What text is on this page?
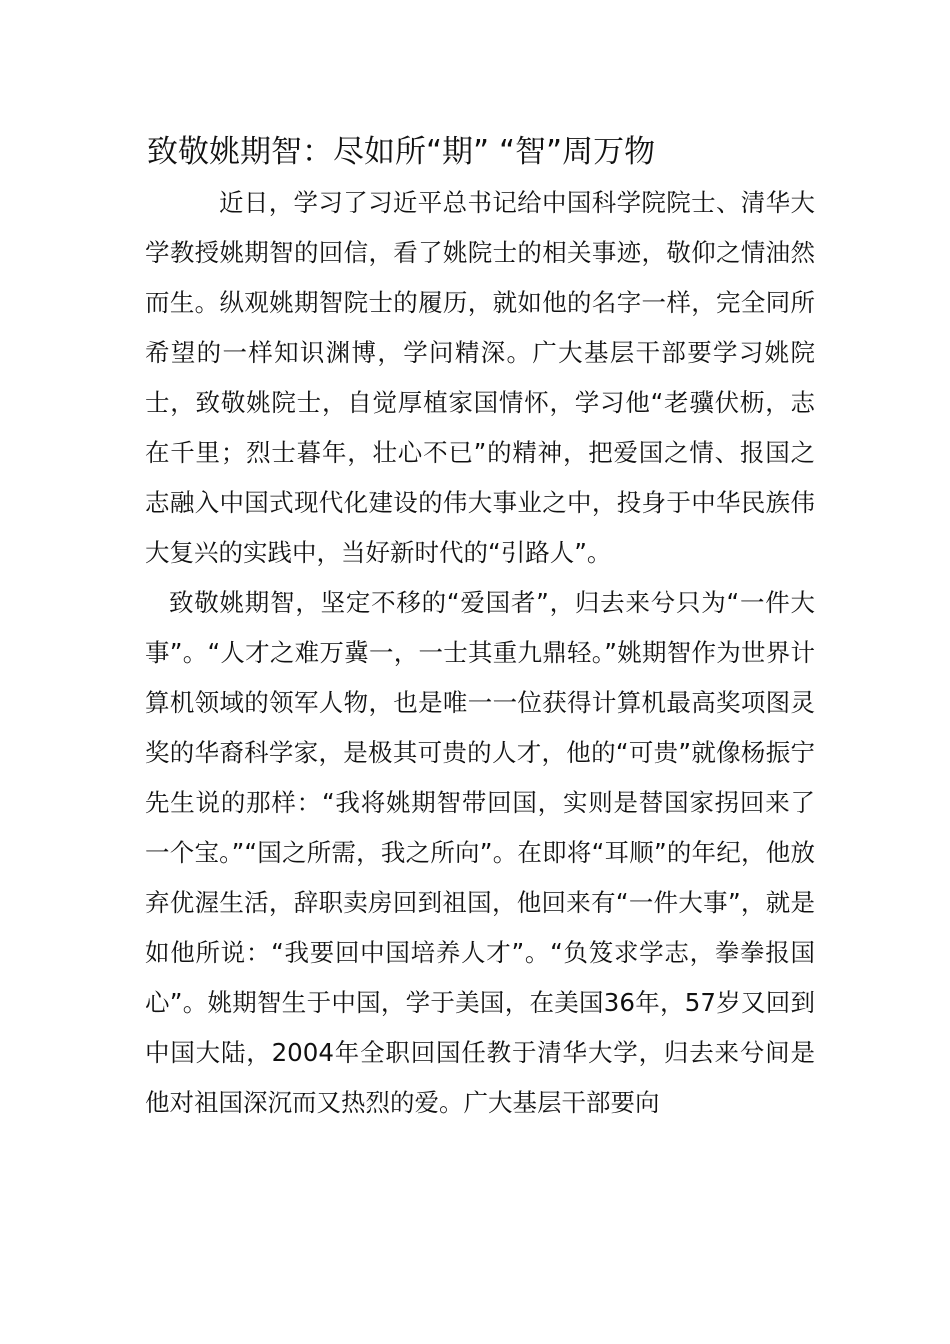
致敬姚期智：尽如所“期” “智”周万物

近日，学习了习近平总书记给中国科学院院士、清华大学教授姚期智的回信，看了姚院士的相关事迹，敬仰之情油然而生。纵观姚期智院士的履历，就如他的名字一样，完全同所希望的一样知识渊博，学问精深。广大基层干部要学习姚院士，致敬姚院士，自觉厚植家国情怀，学习他“老骥伏枥，志在千里；烈士暮年，壮心不已”的精神，把爱国之情、报国之志融入中国式现代化建设的伟大事业之中，投身于中华民族伟大复兴的实践中，当好新时代的“引路人”。

致敬姚期智，坚定不移的“爱国者”，归去来兮只为“一件大事”。“人才之难万冀一，一士其重九鼎轻。”姚期智作为世界计算机领域的领军人物，也是唯一一位获得计算机最高奖项图灵奖的华裔科学家，是极其可贵的人才，他的“可贵”就像杨振宁先生说的那样：“我将姚期智带回国，实则是替国家拐回来了一个宝。”“国之所需，我之所向”。在即将“耳顺”的年纪，他放弃优渥生活，辞职卖房回到祖国，他回来有“一件大事”，就是如他所说：“我要回中国培养人才”。“负笈求学志，拳拳报国心”。姚期智生于中国，学于美国，在美国36年，57岁又回到中国大陆，2004年全职回国任教于清华大学，归去来兮间是他对祖国深沉而又热烈的爱。广大基层干部要向
